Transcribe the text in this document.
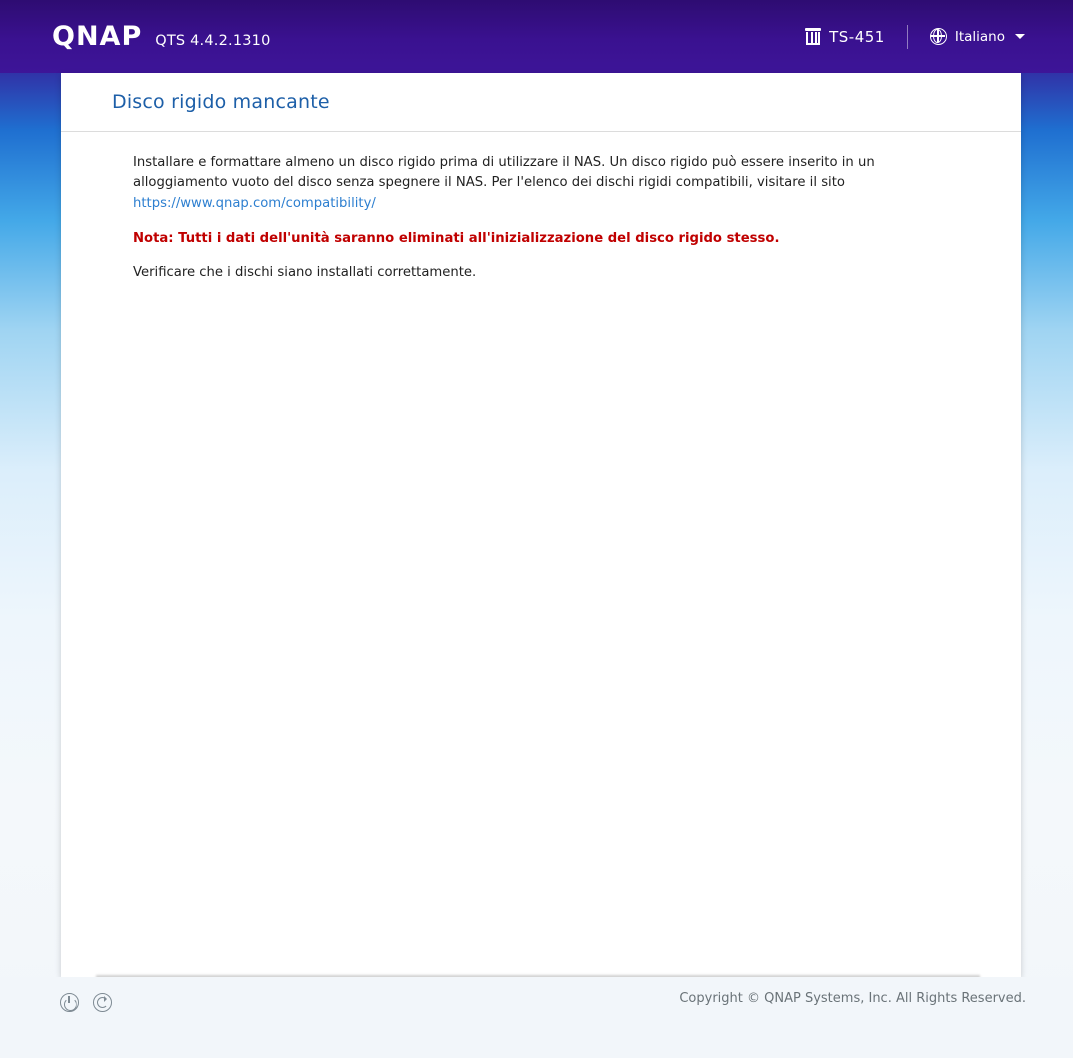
QNAP QTS 4.4.2.1310	TS-451	Italiano
Disco rigido mancante

Installare e formattare almeno un disco rigido prima di utilizzare il NAS. Un disco rigido può essere inserito in un alloggiamento vuoto del disco senza spegnere il NAS. Per l'elenco dei dischi rigidi compatibili, visitare il sito https://www.qnap.com/compatibility/

Nota: Tutti i dati dell'unità saranno eliminati all'inizializzazione del disco rigido stesso.
Verificare che i dischi siano installati correttamente.
Copyright © QNAP Systems, Inc. All Rights Reserved.
